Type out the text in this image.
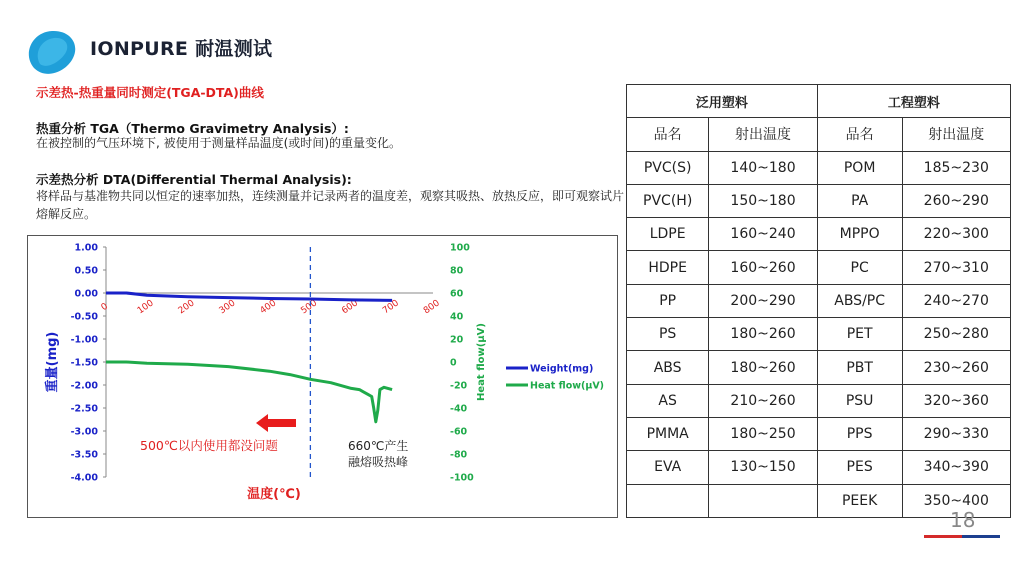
IONPURE 耐温测试
示差热-热重量同时测定(TGA-DTA)曲线
热重分析 TGA（Thermo Gravimetry Analysis）:
在被控制的气压环境下, 被使用于测量样品温度(或时间)的重量变化。
示差热分析 DTA(Differential Thermal Analysis):
将样品与基准物共同以恒定的速率加热，连续测量并记录两者的温度差，观察其吸热、放热反应，即可观察试片熔解反应。
1.00
0.50
0.00
-0.50
-1.00
-1.50
-2.00
-2.50
-3.00
-3.50
-4.00
100
80
60
40
20
0
-20
-40
-60
-80
-100
0	100 200 300 400 500 600 700 800
Weight(mg)
Heat flow(μV)
重量(mg)	Heat flow(μV)
温度(℃)
500℃以内使用都没问题	660℃产生
融熔吸热峰
泛用塑料		工程塑料	
品名	射出温度	品名	射出温度
PVC(S)	140~180	POM	185~230
PVC(H)	150~180	PA	260~290
LDPE	160~240	MPPO	220~300
HDPE	160~260	PC	270~310
PP	200~290	ABS/PC	240~270
PS	180~260	PET	250~280
ABS	180~260	PBT	230~260
AS	210~260	PSU	320~360
PMMA	180~250	PPS	290~330
EVA	130~150	PES	340~390
		PEEK	350~400
18
